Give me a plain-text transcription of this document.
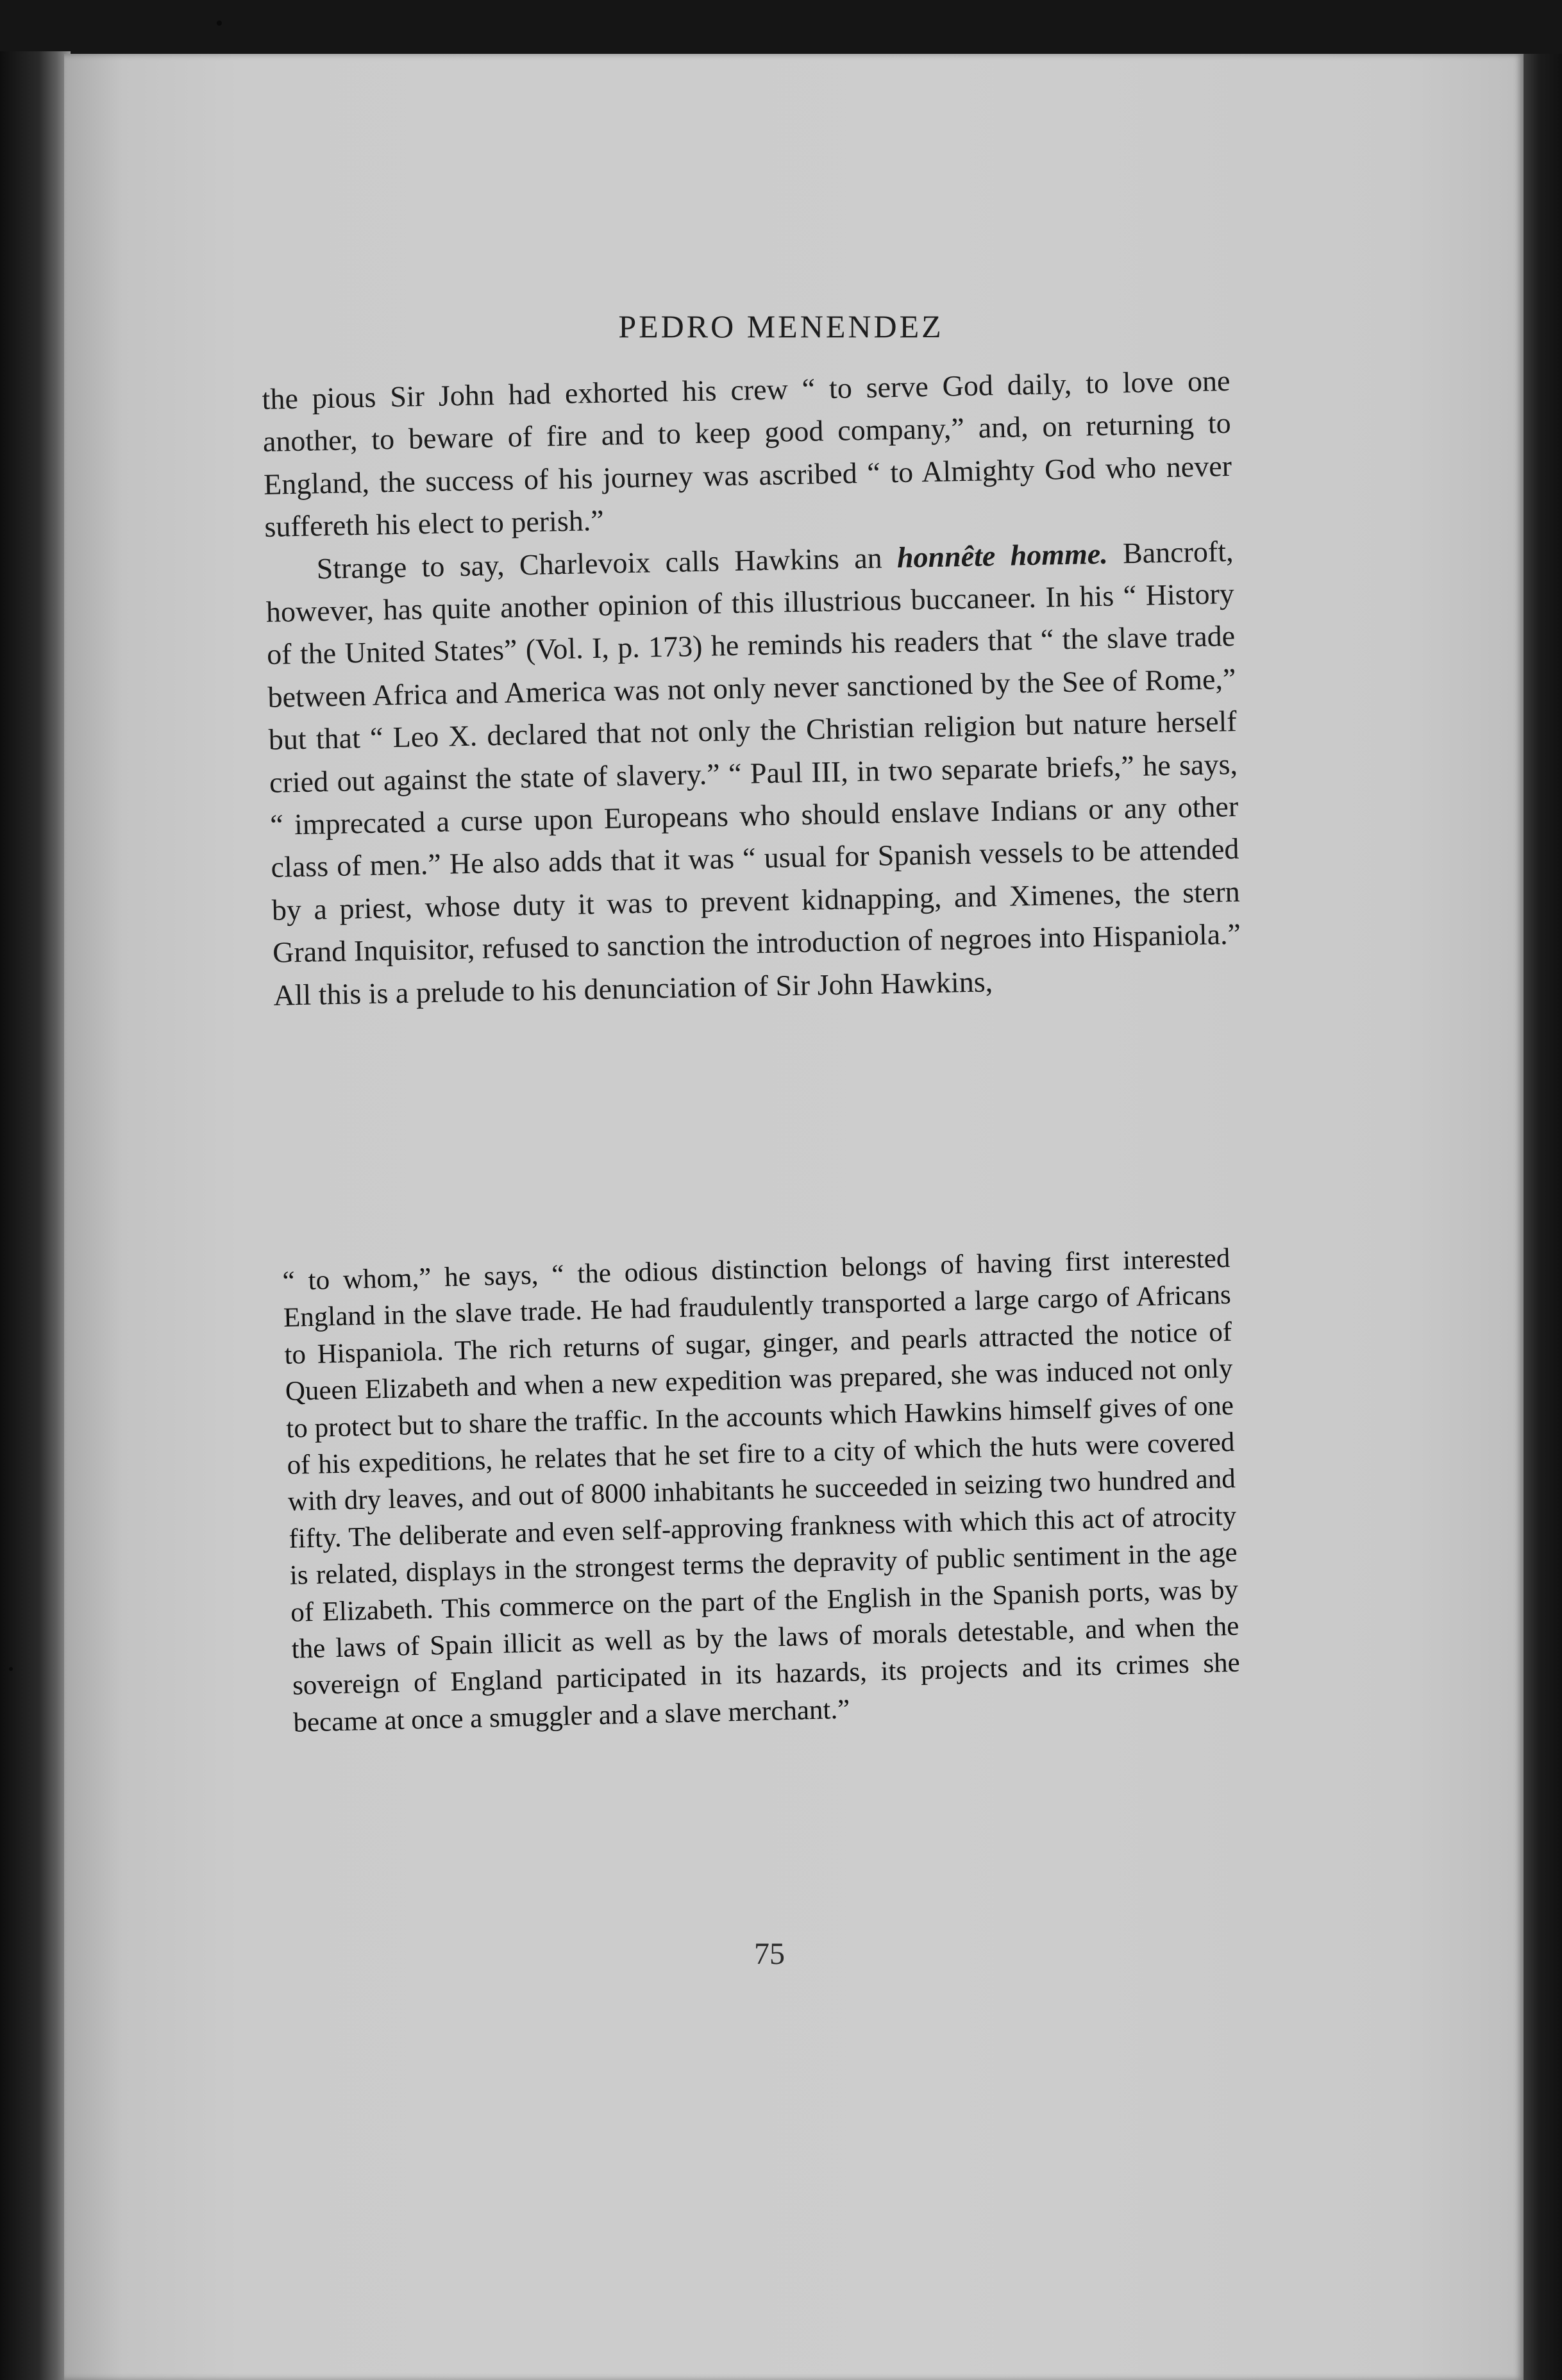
PEDRO MENENDEZ

the pious Sir John had exhorted his crew “ to serve God daily, to love one another, to beware of fire and to keep good company,” and, on returning to England, the success of his journey was ascribed “ to Almighty God who never suffereth his elect to perish.”

Strange to say, Charlevoix calls Hawkins an honnête homme. Bancroft, however, has quite another opinion of this illustrious buccaneer. In his “ History of the United States” (Vol. I, p. 173) he reminds his readers that “ the slave trade between Africa and America was not only never sanctioned by the See of Rome,” but that “ Leo X. declared that not only the Christian religion but nature herself cried out against the state of slavery.” “ Paul III, in two separate briefs,” he says, “ imprecated a curse upon Europeans who should enslave Indians or any other class of men.” He also adds that it was “ usual for Spanish vessels to be attended by a priest, whose duty it was to prevent kidnapping, and Ximenes, the stern Grand Inquisitor, refused to sanction the introduction of negroes into Hispaniola.” All this is a prelude to his denunciation of Sir John Hawkins,

“ to whom,” he says, “ the odious distinction belongs of having first interested England in the slave trade. He had fraudulently transported a large cargo of Africans to Hispaniola. The rich returns of sugar, ginger, and pearls attracted the notice of Queen Elizabeth and when a new expedition was prepared, she was induced not only to protect but to share the traffic. In the accounts which Hawkins himself gives of one of his expeditions, he relates that he set fire to a city of which the huts were covered with dry leaves, and out of 8000 inhabitants he succeeded in seizing two hundred and fifty. The deliberate and even self-approving frankness with which this act of atrocity is related, displays in the strongest terms the depravity of public sentiment in the age of Elizabeth. This commerce on the part of the English in the Spanish ports, was by the laws of Spain illicit as well as by the laws of morals detestable, and when the sovereign of England participated in its hazards, its projects and its crimes she became at once a smuggler and a slave merchant.”

75
